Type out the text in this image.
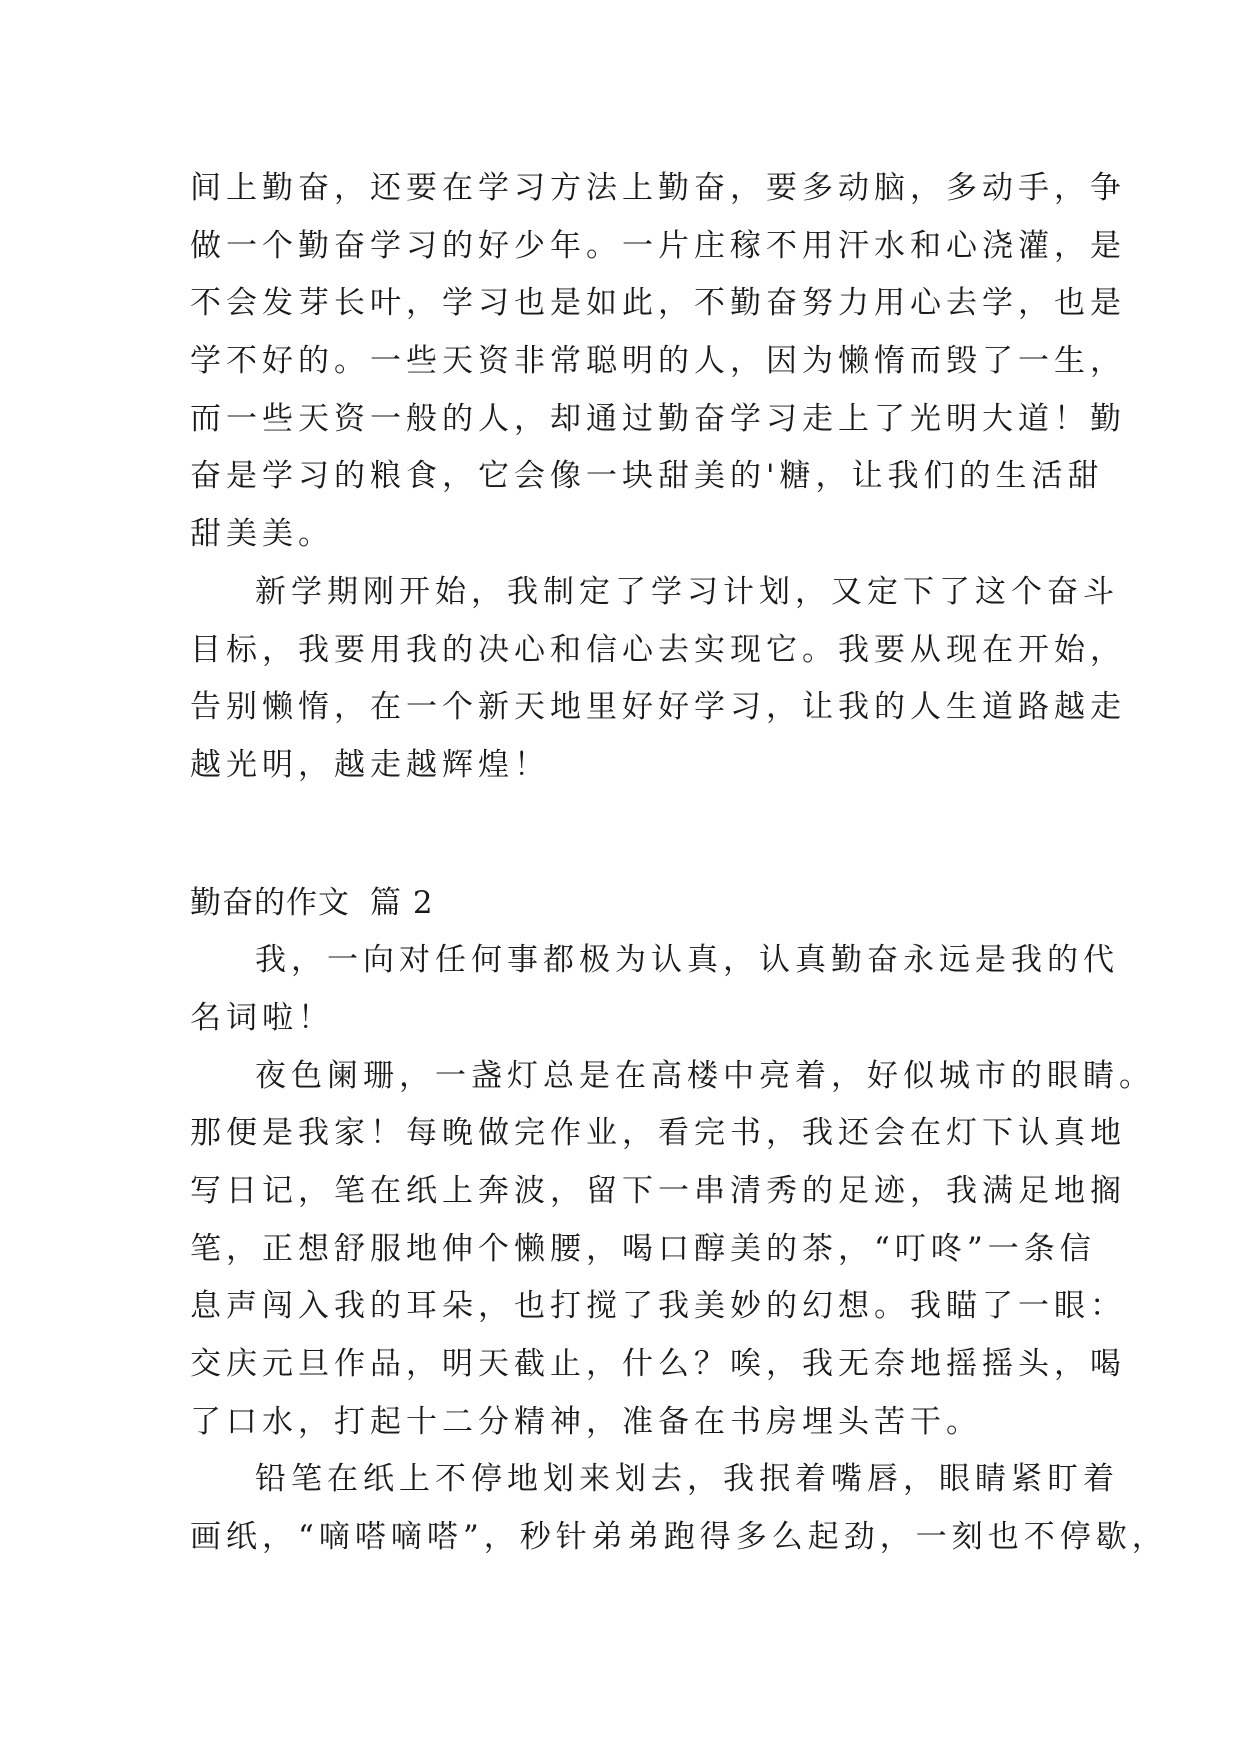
间上勤奋，还要在学习方法上勤奋，要多动脑，多动手，争
做一个勤奋学习的好少年。一片庄稼不用汗水和心浇灌，是
不会发芽长叶，学习也是如此，不勤奋努力用心去学，也是
学不好的。一些天资非常聪明的人，因为懒惰而毁了一生，
而一些天资一般的人，却通过勤奋学习走上了光明大道！勤
奋是学习的粮食，它会像一块甜美的'糖，让我们的生活甜
甜美美。
新学期刚开始，我制定了学习计划，又定下了这个奋斗
目标，我要用我的决心和信心去实现它。我要从现在开始，
告别懒惰，在一个新天地里好好学习，让我的人生道路越走
越光明，越走越辉煌！
勤奋的作文 篇 2
我，一向对任何事都极为认真，认真勤奋永远是我的代
名词啦！
夜色阑珊，一盏灯总是在高楼中亮着，好似城市的眼睛。
那便是我家！每晚做完作业，看完书，我还会在灯下认真地
写日记，笔在纸上奔波，留下一串清秀的足迹，我满足地搁
笔，正想舒服地伸个懒腰，喝口醇美的茶，“叮咚”一条信
息声闯入我的耳朵，也打搅了我美妙的幻想。我瞄了一眼：
交庆元旦作品，明天截止，什么？唉，我无奈地摇摇头，喝
了口水，打起十二分精神，准备在书房埋头苦干。
铅笔在纸上不停地划来划去，我抿着嘴唇，眼睛紧盯着
画纸，“嘀嗒嘀嗒”，秒针弟弟跑得多么起劲，一刻也不停歇，
